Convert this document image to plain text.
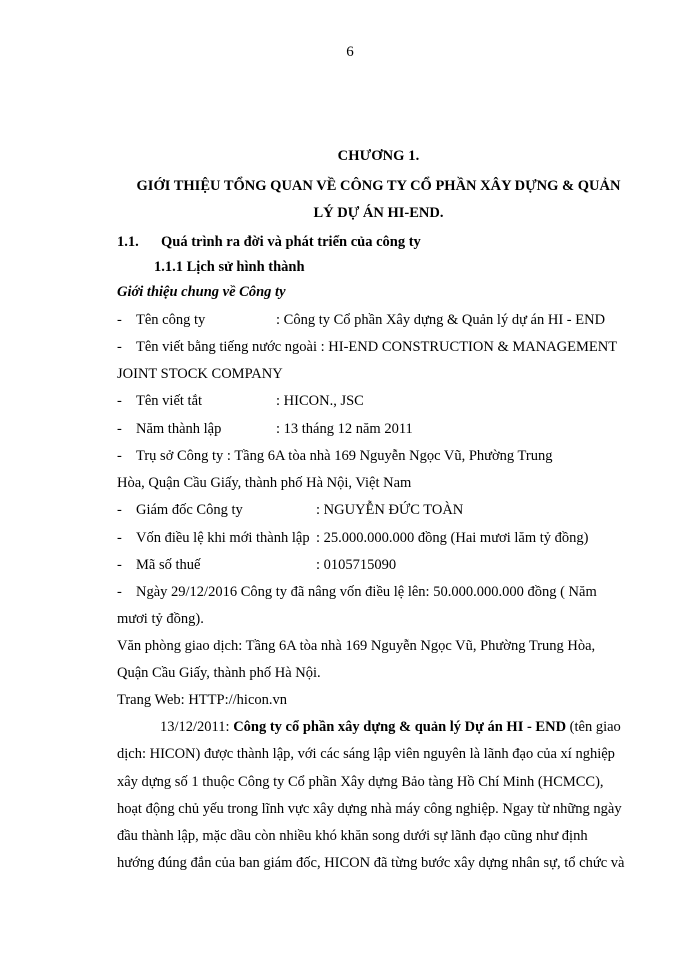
6
CHƯƠNG 1.
GIỚI THIỆU TỔNG QUAN VỀ CÔNG TY CỔ PHẦN XÂY DỰNG & QUẢN
LÝ DỰ ÁN HI-END.
1.1. Quá trình ra đời và phát triển của công ty
1.1.1 Lịch sử hình thành
Giới thiệu chung về Công ty
- Tên công ty	: Công ty Cổ phần Xây dựng & Quản lý dự án HI - END
- Tên viết bằng tiếng nước ngoài : HI-END CONSTRUCTION & MANAGEMENT
JOINT STOCK COMPANY
- Tên viết tắt	: HICON., JSC
- Năm thành lập	: 13 tháng 12 năm 2011
- Trụ sở Công ty : Tầng 6A tòa nhà 169 Nguyễn Ngọc Vũ, Phường Trung
Hòa, Quận Cầu Giấy, thành phố Hà Nội, Việt Nam
- Giám đốc Công ty	: NGUYỄN ĐỨC TOÀN
- Vốn điều lệ khi mới thành lập : 25.000.000.000 đồng (Hai mươi lăm tỷ đồng)
- Mã số thuế	: 0105715090
- Ngày 29/12/2016 Công ty đã nâng vốn điều lệ lên: 50.000.000.000 đồng ( Năm
mươi tỷ đồng).
Văn phòng giao dịch: Tầng 6A tòa nhà 169 Nguyễn Ngọc Vũ, Phường Trung Hòa,
Quận Cầu Giấy, thành phố Hà Nội.
Trang Web: HTTP://hicon.vn
13/12/2011: Công ty cổ phần xây dựng & quản lý Dự án HI - END (tên giao
dịch: HICON) được thành lập, với các sáng lập viên nguyên là lãnh đạo của xí nghiệp
xây dựng số 1 thuộc Công ty Cổ phần Xây dựng Bảo tàng Hồ Chí Minh (HCMCC),
hoạt động chủ yếu trong lĩnh vực xây dựng nhà máy công nghiệp. Ngay từ những ngày
đầu thành lập, mặc dầu còn nhiều khó khăn song dưới sự lãnh đạo cũng như định
hướng đúng đắn của ban giám đốc, HICON đã từng bước xây dựng nhân sự, tổ chức và
